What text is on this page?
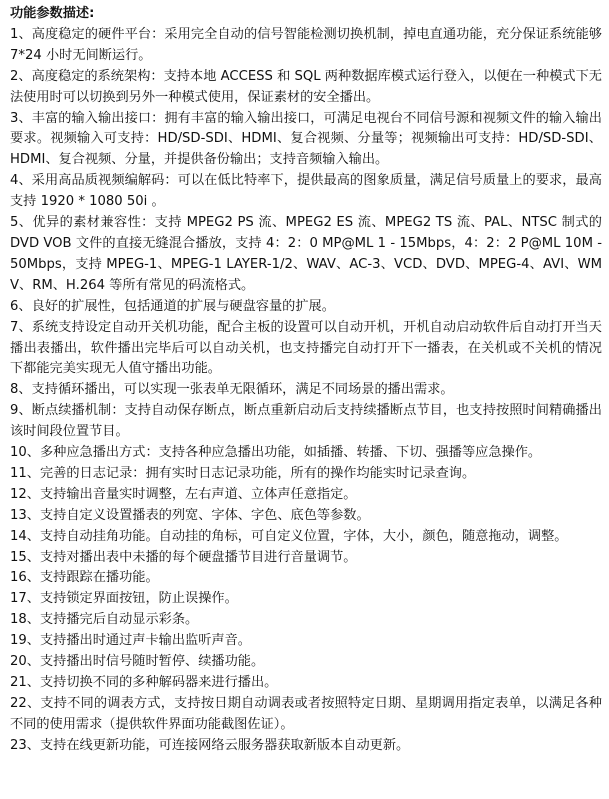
功能参数描述:
1、高度稳定的硬件平台：采用完全自动的信号智能检测切换机制，掉电直通功能，充分保证系统能够 7*24 小时无间断运行。
2、高度稳定的系统架构：支持本地 ACCESS 和 SQL 两种数据库模式运行登入，以便在一种模式下无法使用时可以切换到另外一种模式使用，保证素材的安全播出。
3、丰富的输入输出接口：拥有丰富的输入输出接口，可满足电视台不同信号源和视频文件的输入输出要求。视频输入可支持：HD/SD-SDI、HDMI、复合视频、分量等；视频输出可支持：HD/SD-SDI、HDMI、复合视频、分量，并提供备份输出；支持音频输入输出。
4、采用高品质视频编解码：可以在低比特率下，提供最高的图象质量，满足信号质量上的要求，最高支持 1920 * 1080 50i 。
5、优异的素材兼容性：支持 MPEG2 PS 流、MPEG2 ES 流、MPEG2 TS 流、PAL、NTSC 制式的 DVD VOB 文件的直接无缝混合播放，支持 4：2：0 MP@ML 1 - 15Mbps，4：2：2 P@ML 10M - 50Mbps，支持 MPEG-1、MPEG-1 LAYER-1/2、WAV、AC-3、VCD、DVD、MPEG-4、AVI、WMV、RM、H.264 等所有常见的码流格式。
6、良好的扩展性，包括通道的扩展与硬盘容量的扩展。
7、系统支持设定自动开关机功能，配合主板的设置可以自动开机，开机自动启动软件后自动打开当天播出表播出，软件播出完毕后可以自动关机，也支持播完自动打开下一播表，在关机或不关机的情况下都能完美实现无人值守播出功能。
8、支持循环播出，可以实现一张表单无限循环，满足不同场景的播出需求。
9、断点续播机制：支持自动保存断点，断点重新启动后支持续播断点节目，也支持按照时间精确播出该时间段位置节目。
10、多种应急播出方式：支持各种应急播出功能，如插播、转播、下切、强播等应急操作。
11、完善的日志记录：拥有实时日志记录功能，所有的操作均能实时记录查询。
12、支持输出音量实时调整，左右声道、立体声任意指定。
13、支持自定义设置播表的列宽、字体、字色、底色等参数。
14、支持自动挂角功能。自动挂的角标，可自定义位置，字体，大小，颜色，随意拖动，调整。
15、支持对播出表中未播的每个硬盘播节目进行音量调节。
16、支持跟踪在播功能。
17、支持锁定界面按钮，防止误操作。
18、支持播完后自动显示彩条。
19、支持播出时通过声卡输出监听声音。
20、支持播出时信号随时暂停、续播功能。
21、支持切换不同的多种解码器来进行播出。
22、支持不同的调表方式，支持按日期自动调表或者按照特定日期、星期调用指定表单，以满足各种不同的使用需求（提供软件界面功能截图佐证）。
23、支持在线更新功能，可连接网络云服务器获取新版本自动更新。
